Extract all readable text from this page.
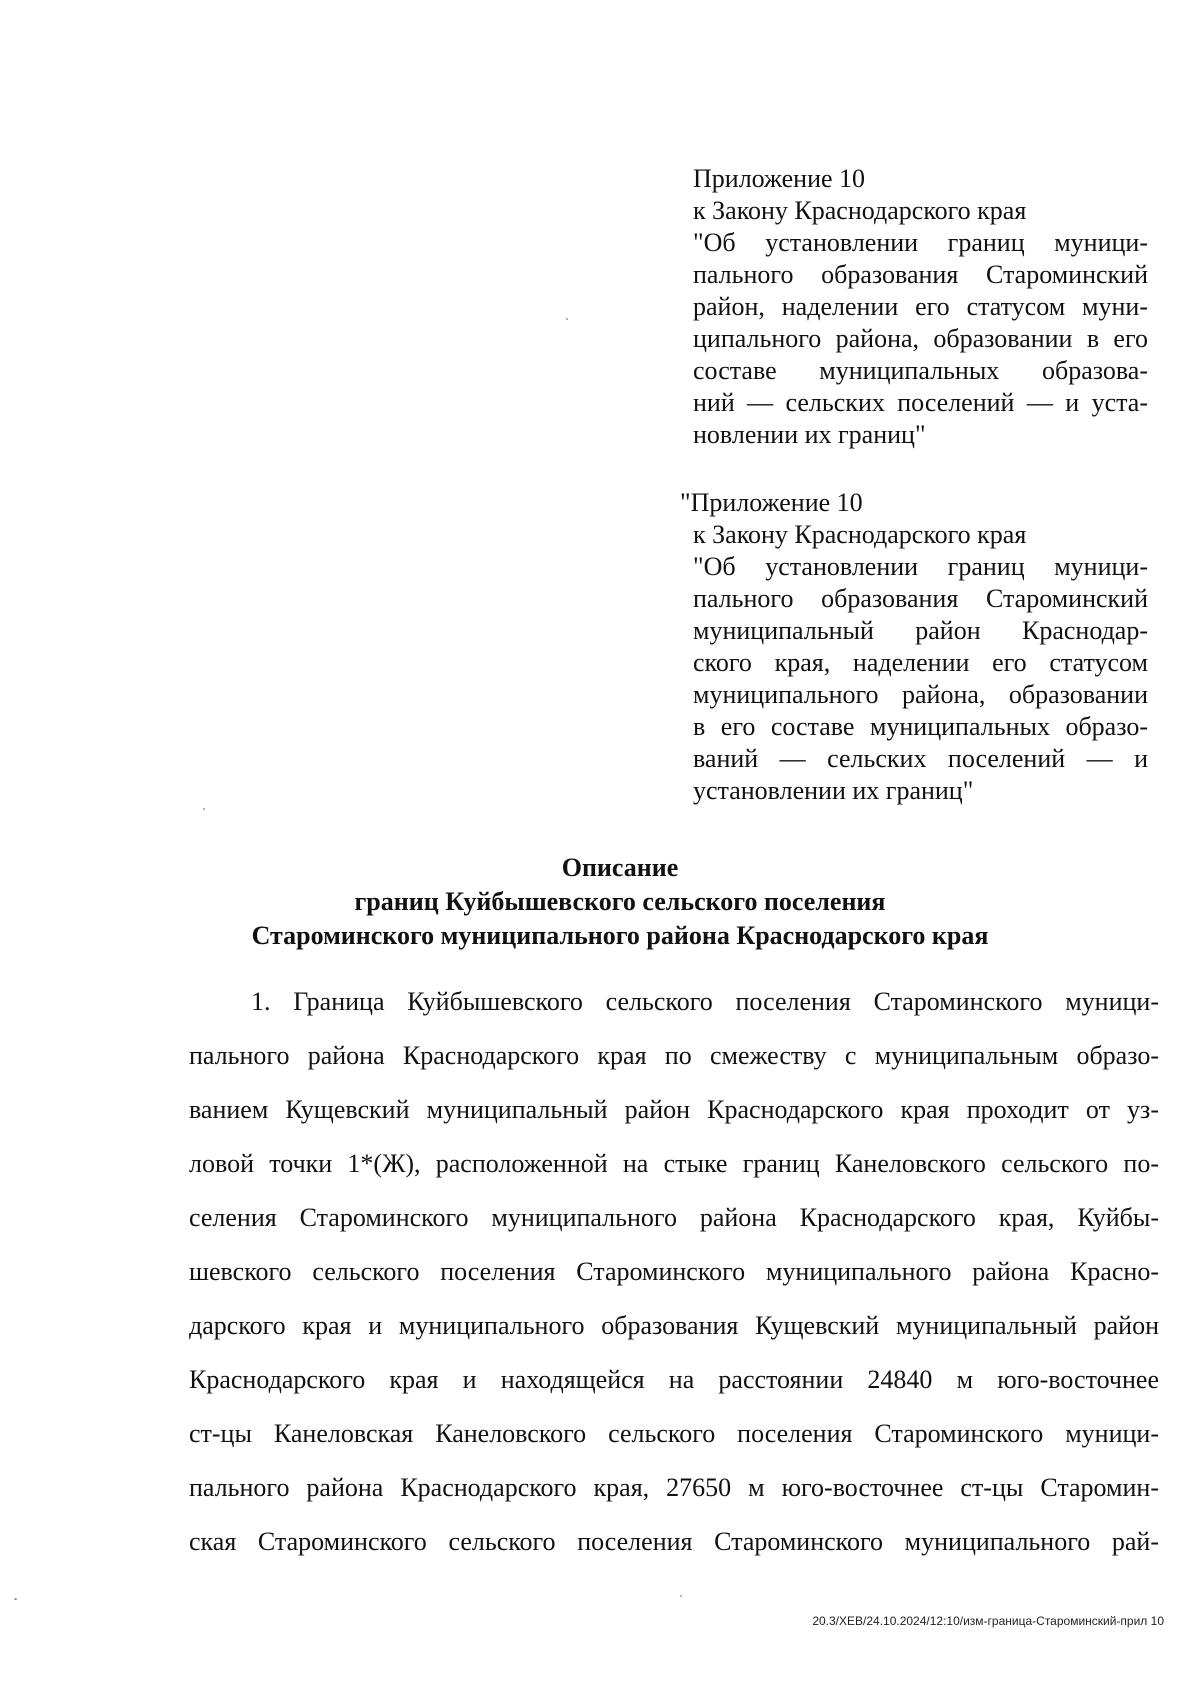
Приложение 10
к Закону Краснодарского края
"Об установлении границ муници-
пального образования Староминский
район, наделении его статусом муни-
ципального района, образовании в его
составе муниципальных образова-
ний — сельских поселений — и уста-
новлении их границ"
"Приложение 10
к Закону Краснодарского края
"Об установлении границ муници-
пального образования Староминский
муниципальный район Краснодар-
ского края, наделении его статусом
муниципального района, образовании
в его составе муниципальных образо-
ваний — сельских поселений — и
установлении их границ"
Описание
границ Куйбышевского сельского поселения
Староминского муниципального района Краснодарского края
1. Граница Куйбышевского сельского поселения Староминского муници-
пального района Краснодарского края по смежеству с муниципальным образо-
ванием Кущевский муниципальный район Краснодарского края проходит от уз-
ловой точки 1*(Ж), расположенной на стыке границ Канеловского сельского по-
селения Староминского муниципального района Краснодарского края, Куйбы-
шевского сельского поселения Староминского муниципального района Красно-
дарского края и муниципального образования Кущевский муниципальный район
Краснодарского края и находящейся на расстоянии 24840 м юго-восточнее
ст-цы Канеловская Канеловского сельского поселения Староминского муници-
пального района Краснодарского края, 27650 м юго-восточнее ст-цы Старомин-
ская Староминского сельского поселения Староминского муниципального рай-
20.3/ХЕВ/24.10.2024/12:10/изм-граница-Староминский-прил 10
